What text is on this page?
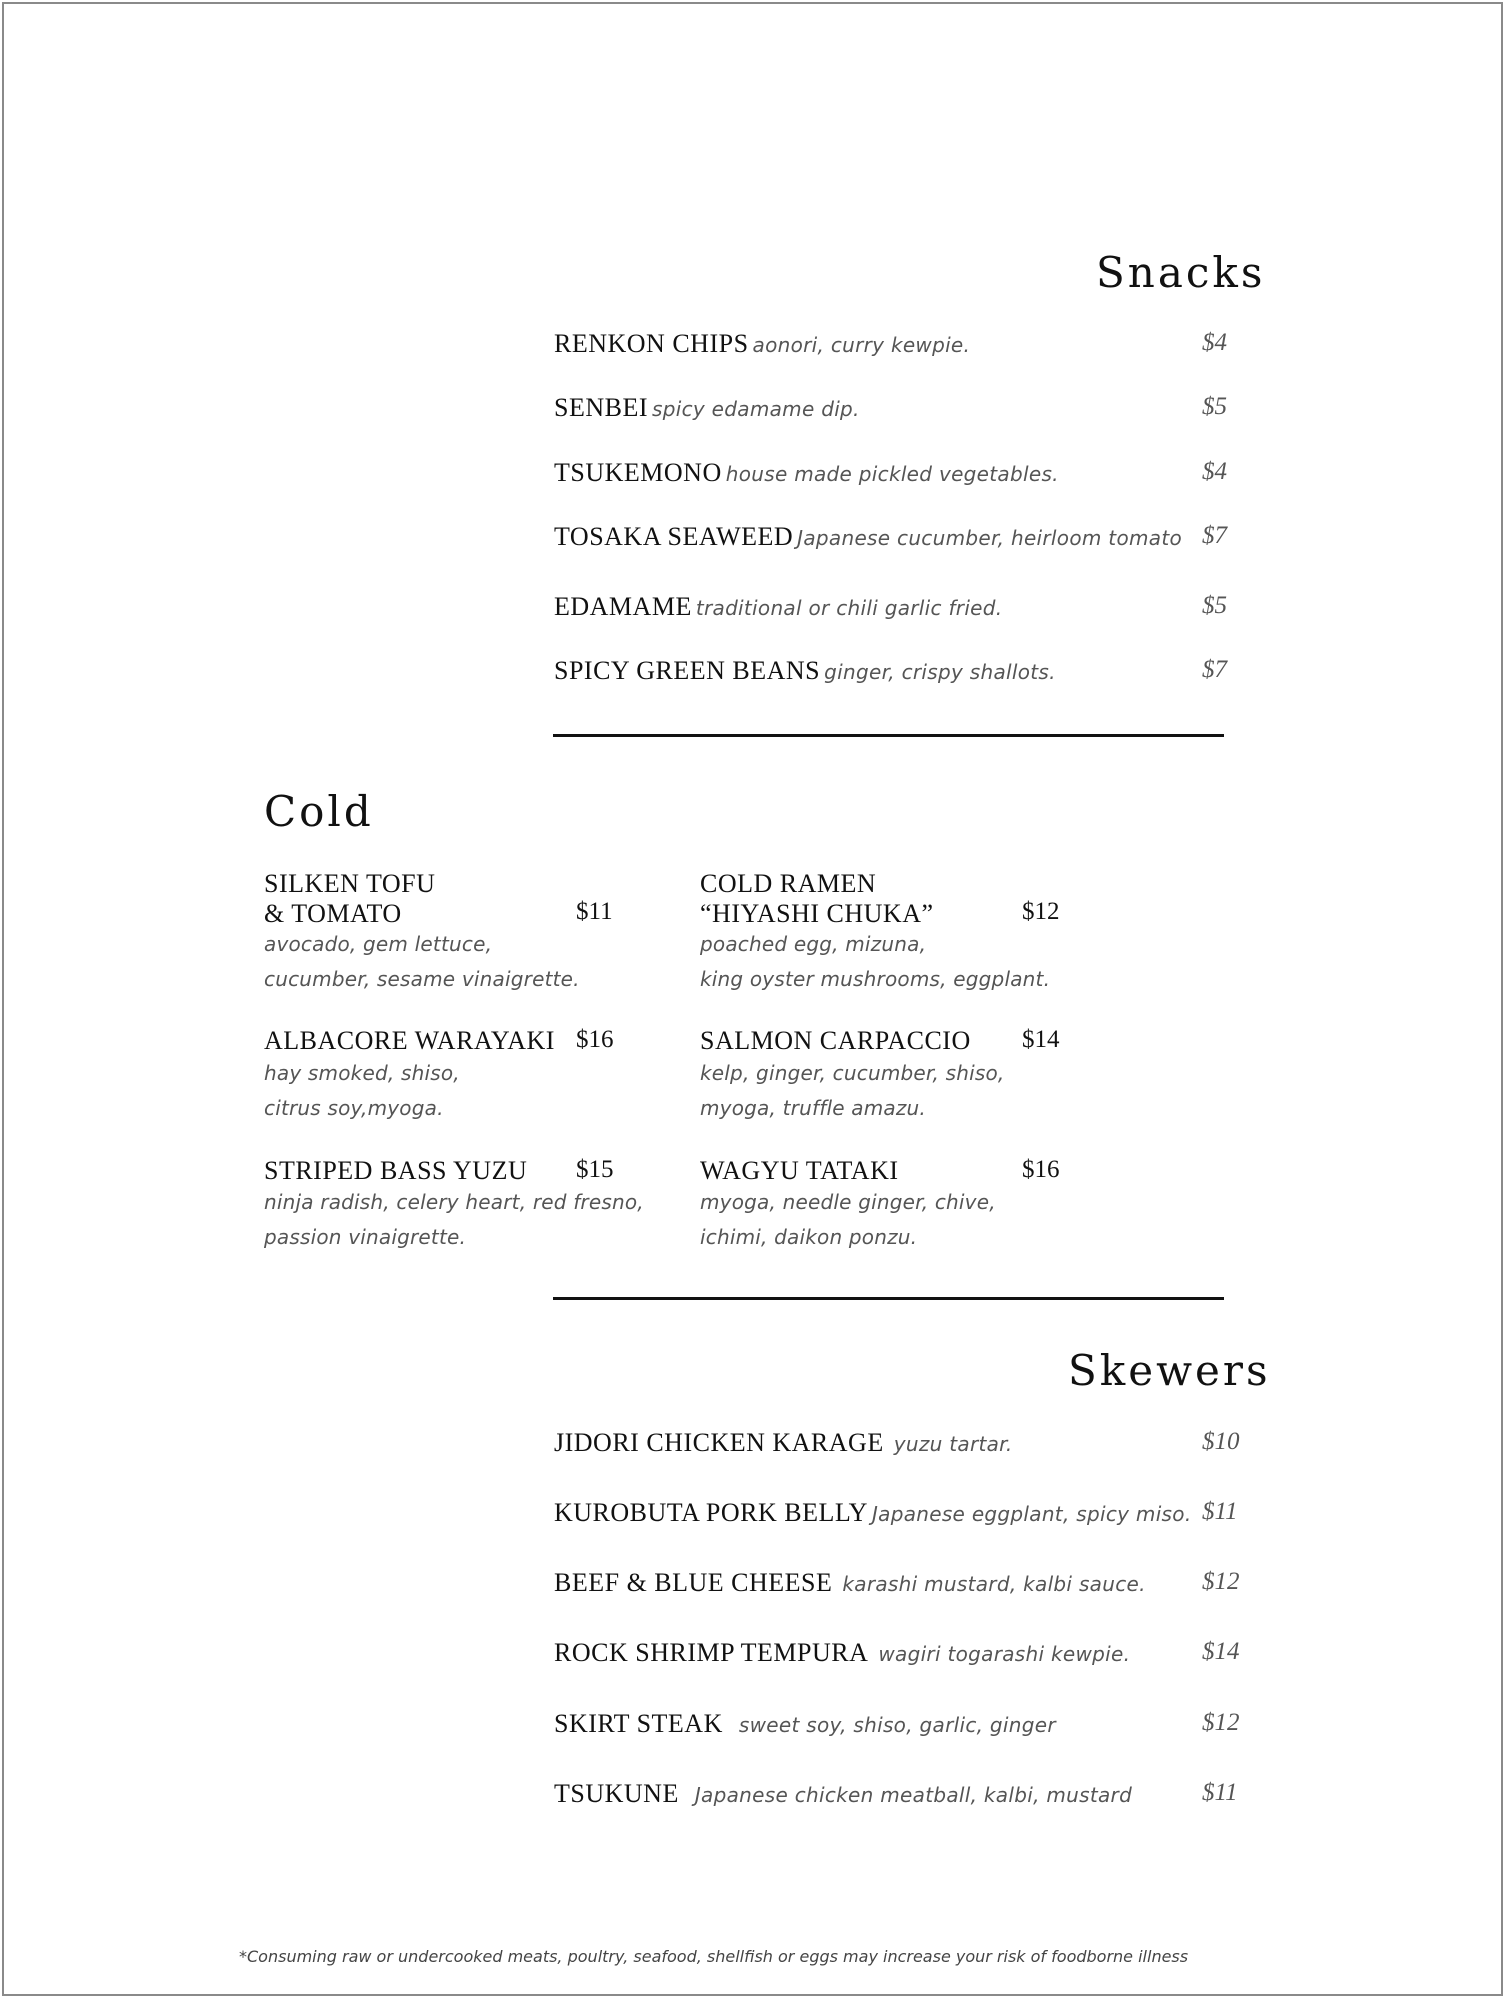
Snacks
RENKON CHIPS aonori, curry kewpie.	$4
SENBEI spicy edamame dip.	$5
TSUKEMONO house made pickled vegetables.	$4
TOSAKA SEAWEED Japanese cucumber, heirloom tomato $7
EDAMAME traditional or chili garlic fried.	$5
SPICY GREEN BEANS ginger, crispy shallots.	$7
Cold
SILKEN TOFU
& TOMATO	$11
avocado, gem lettuce,
cucumber, sesame vinaigrette.
COLD RAMEN
“HIYASHI CHUKA”	$12
poached egg, mizuna,
king oyster mushrooms, eggplant.
ALBACORE WARAYAKI $16
hay smoked, shiso,
citrus soy,myoga.
SALMON CARPACCIO $14
kelp, ginger, cucumber, shiso,
myoga, truffle amazu.
STRIPED BASS YUZU $15
ninja radish, celery heart, red fresno,
passion vinaigrette.
WAGYU TATAKI	$16
myoga, needle ginger, chive,
ichimi, daikon ponzu.
Skewers
JIDORI CHICKEN KARAGE yuzu tartar.	$10
KUROBUTA PORK BELLY Japanese eggplant, spicy miso. $11
BEEF & BLUE CHEESE karashi mustard, kalbi sauce. $12
ROCK SHRIMP TEMPURA wagiri togarashi kewpie.	$14
SKIRT STEAK sweet soy, shiso, garlic, ginger	$12
TSUKUNE Japanese chicken meatball, kalbi, mustard	$11
*Consuming raw or undercooked meats, poultry, seafood, shellfish or eggs may increase your risk of foodborne illness
